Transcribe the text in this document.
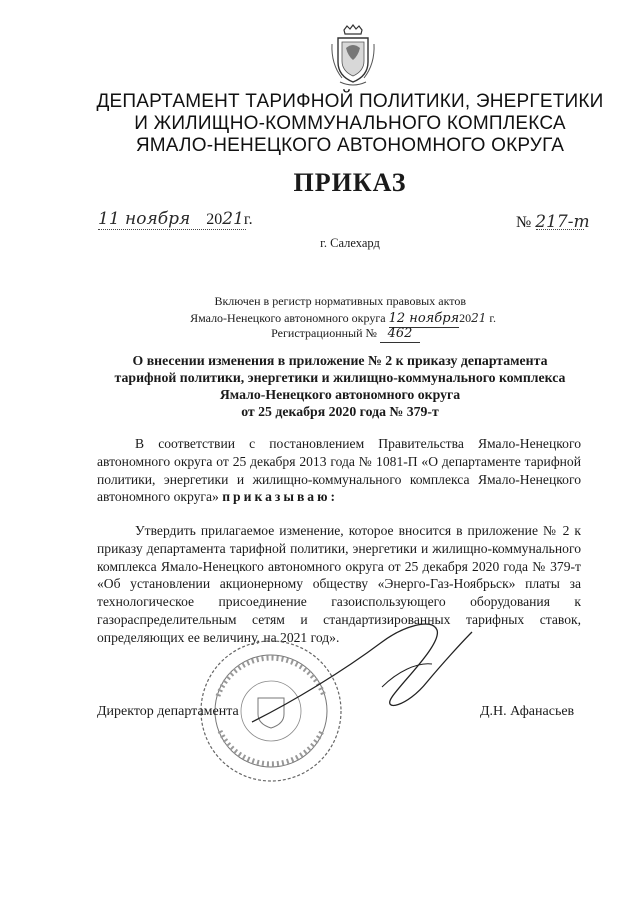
ДЕПАРТАМЕНТ ТАРИФНОЙ ПОЛИТИКИ, ЭНЕРГЕТИКИ
И ЖИЛИЩНО-КОММУНАЛЬНОГО КОМПЛЕКСА
ЯМАЛО-НЕНЕЦКОГО АВТОНОМНОГО ОКРУГА
ПРИКАЗ
11 ноября 2021г.	№ 217-т
г. Салехард
Включен в регистр нормативных правовых актов
Ямало-Ненецкого автономного округа 12 ноября2021 г.
Регистрационный № 462
О внесении изменения в приложение № 2 к приказу департамента
тарифной политики, энергетики и жилищно-коммунального комплекса
Ямало-Ненецкого автономного округа
от 25 декабря 2020 года № 379-т
В соответствии с постановлением Правительства Ямало-Ненецкого автономного округа от 25 декабря 2013 года № 1081-П «О департаменте тарифной политики, энергетики и жилищно-коммунального комплекса Ямало-Ненецкого автономного округа» приказываю:
Утвердить прилагаемое изменение, которое вносится в приложение № 2 к приказу департамента тарифной политики, энергетики и жилищно-коммунального комплекса Ямало-Ненецкого автономного округа от 25 декабря 2020 года № 379-т «Об установлении акционерному обществу «Энерго-Газ-Ноябрьск» платы за технологическое присоединение газоиспользующего оборудования к газораспределительным сетям и стандартизированных тарифных ставок, определяющих ее величину, на 2021 год».
Директор департамента	Д.Н. Афанасьев
